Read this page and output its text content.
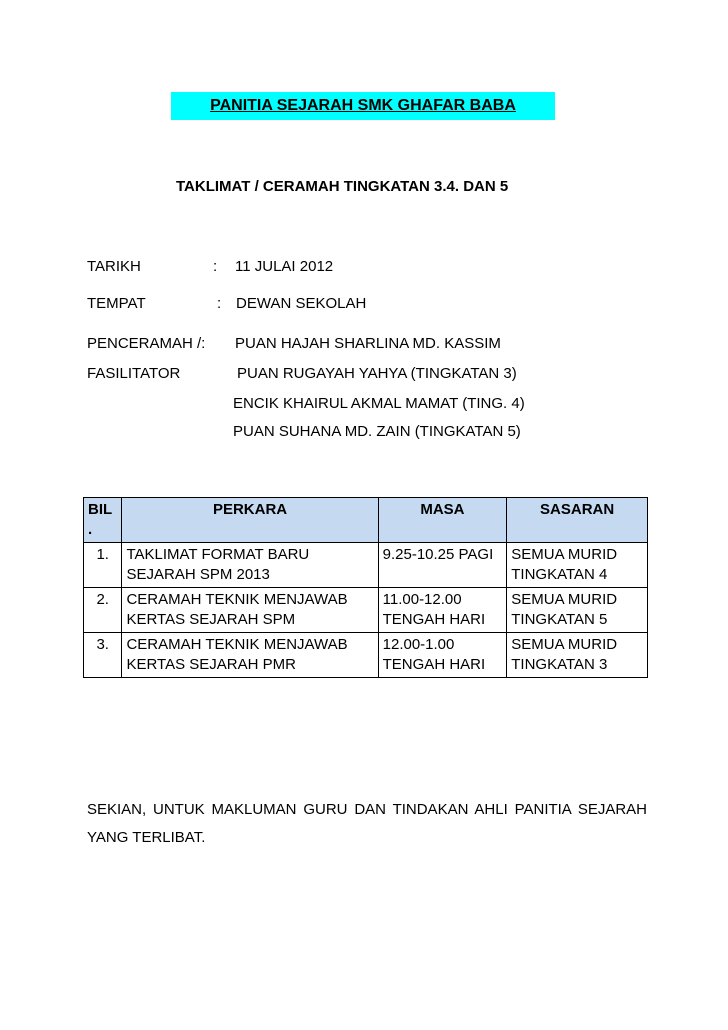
PANITIA SEJARAH SMK GHAFAR BABA
TAKLIMAT / CERAMAH TINGKATAN 3.4. DAN 5
TARIKH	: 11 JULAI 2012
TEMPAT	: DEWAN SEKOLAH
PENCERAMAH /: PUAN HAJAH SHARLINA MD. KASSIM
FASILITATOR	PUAN RUGAYAH YAHYA (TINGKATAN 3)
ENCIK KHAIRUL AKMAL MAMAT (TING. 4)
PUAN SUHANA MD. ZAIN (TINGKATAN 5)
BIL .	PERKARA	MASA	SASARAN
1.	TAKLIMAT FORMAT BARU SEJARAH SPM 2013	9.25-10.25 PAGI	SEMUA MURID TINGKATAN 4
2.	CERAMAH TEKNIK MENJAWAB KERTAS SEJARAH SPM	11.00-12.00 TENGAH HARI	SEMUA MURID TINGKATAN 5
3.	CERAMAH TEKNIK MENJAWAB KERTAS SEJARAH PMR	12.00-1.00 TENGAH HARI	SEMUA MURID TINGKATAN 3
SEKIAN, UNTUK MAKLUMAN GURU DAN TINDAKAN AHLI PANITIA SEJARAH YANG TERLIBAT.
